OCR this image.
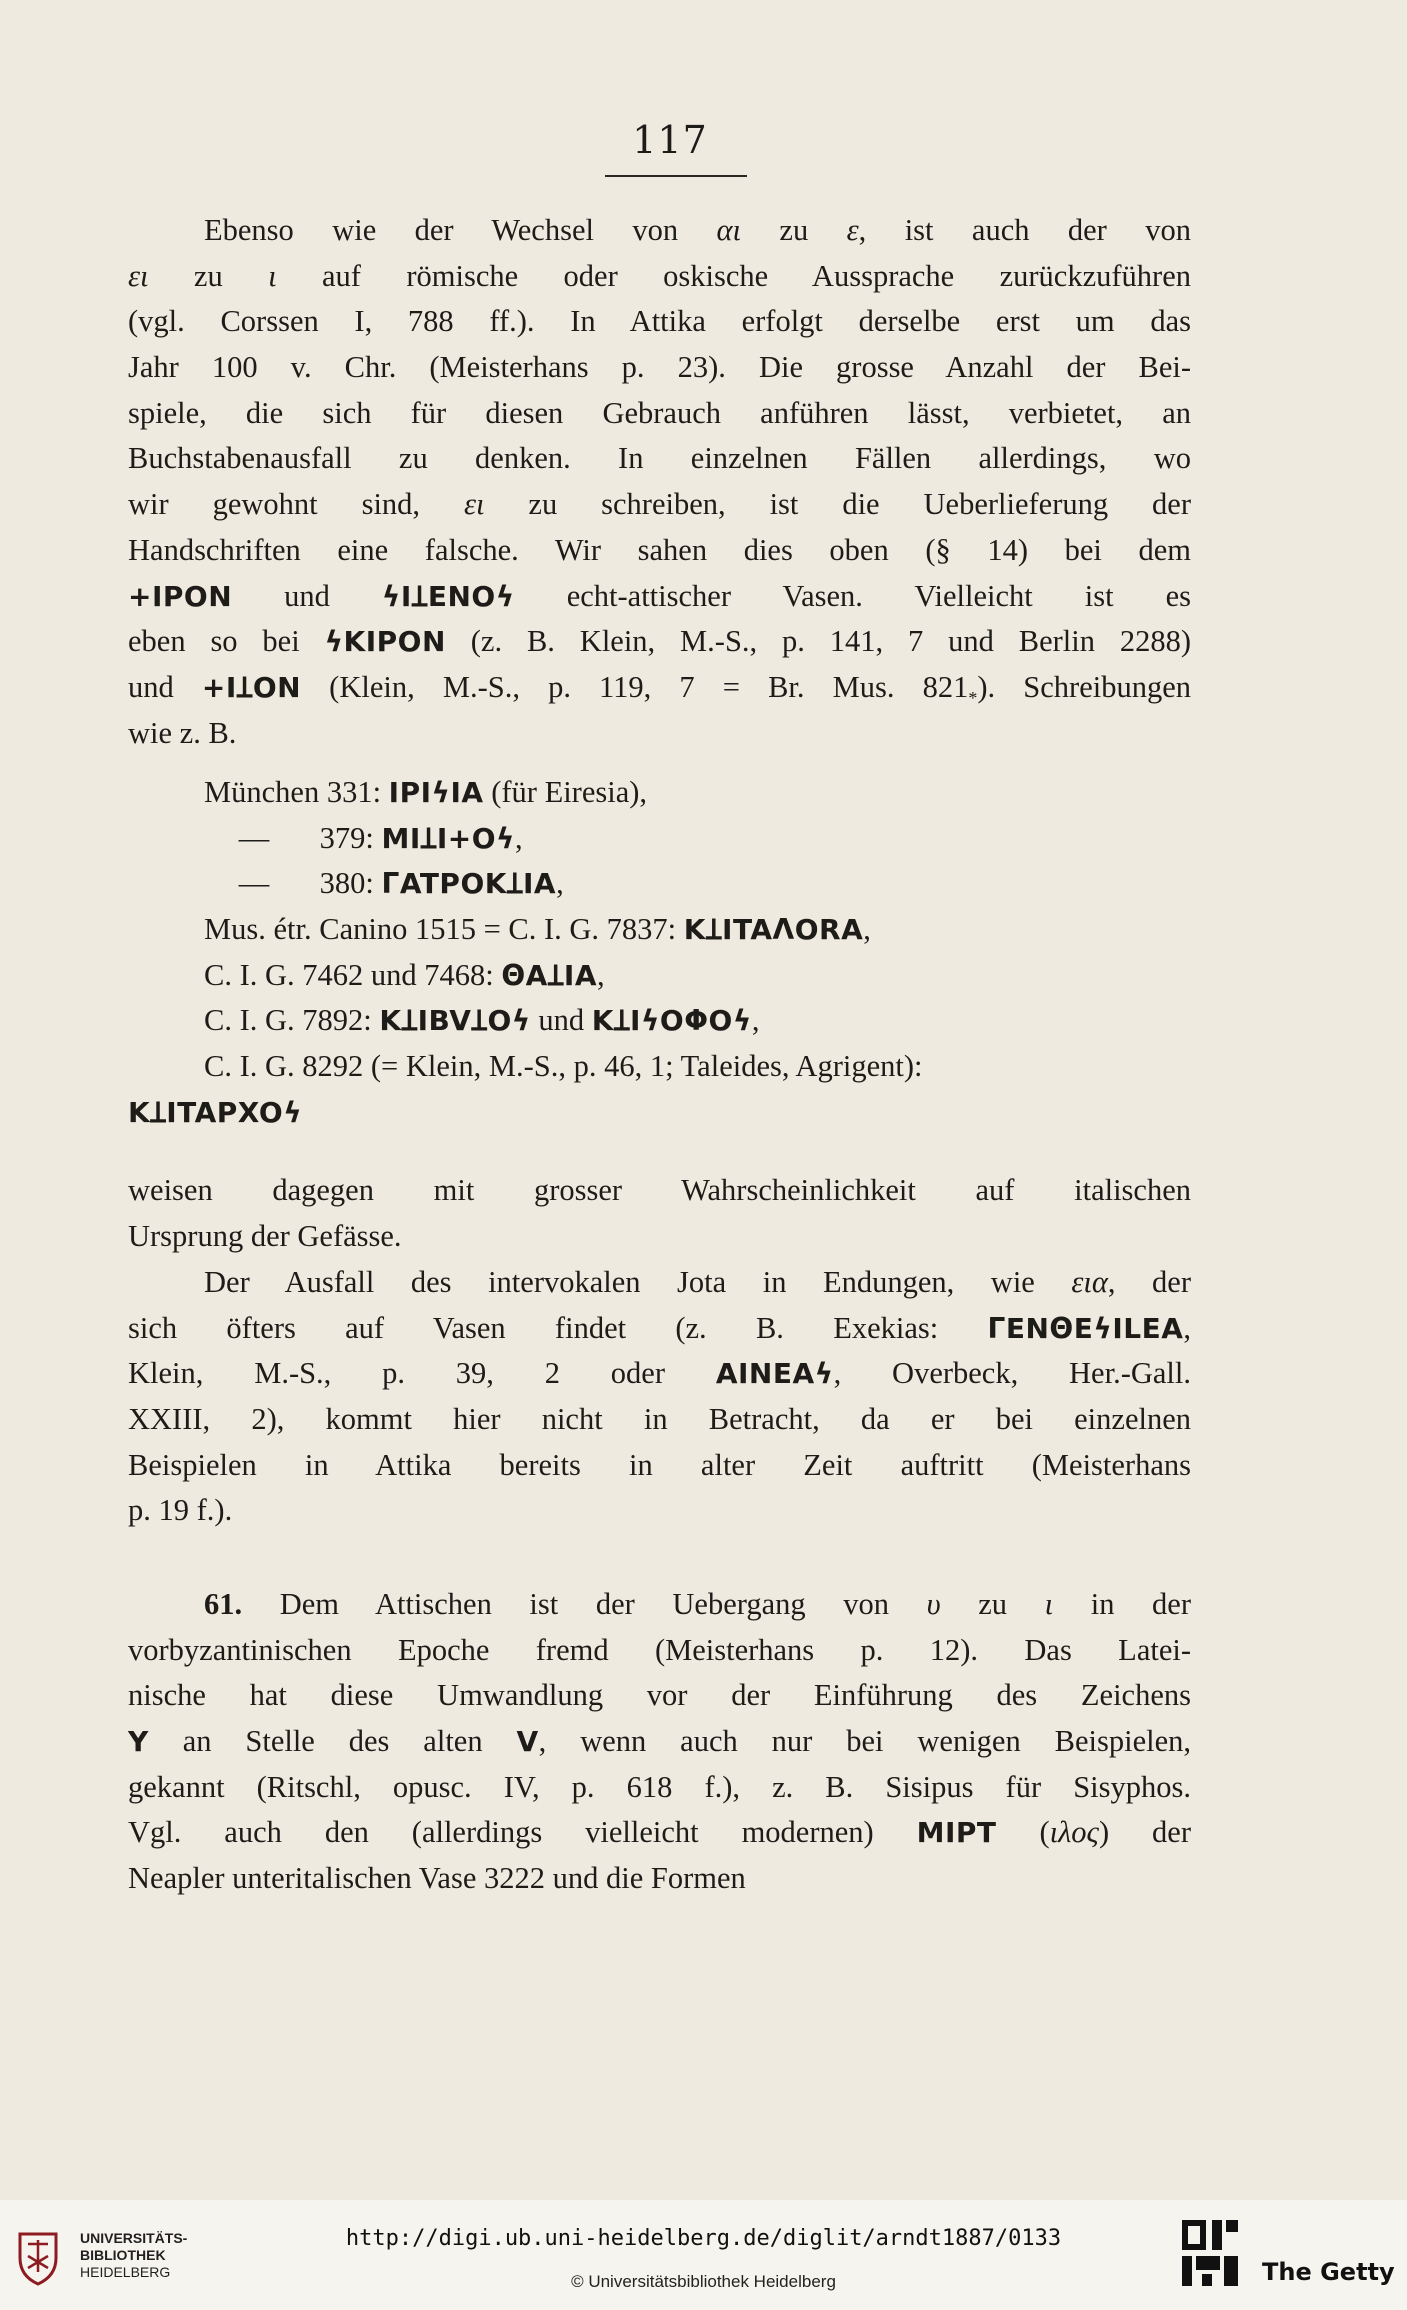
117
Ebenso wie der Wechsel von αι zu ε, ist auch der von
ει zu ι auf römische oder oskische Aussprache zurückzuführen
(vgl. Corssen I, 788 ff.). In Attika erfolgt derselbe erst um das
Jahr 100 v. Chr. (Meisterhans p. 23). Die grosse Anzahl der Bei-
spiele, die sich für diesen Gebrauch anführen lässt, verbietet, an
Buchstabenausfall zu denken. In einzelnen Fällen allerdings, wo
wir gewohnt sind, ει zu schreiben, ist die Ueberlieferung der
Handschriften eine falsche. Wir sahen dies oben (§ 14) bei dem
+IPON und ϟIꞱENOϟ echt-attischer Vasen. Vielleicht ist es
eben so bei ϟKIPON (z. B. Klein, M.-S., p. 141, 7 und Berlin 2288)
und +IꞱON (Klein, M.-S., p. 119, 7 = Br. Mus. $821_*$). Schreibungen
wie z. B.
München 331: IPIϟIA (für Eiresia),
— 379: MIꞱI+Oϟ,
— 380: ΓATPOKꞱIA,
Mus. étr. Canino 1515 = C. I. G. 7837: KꞱITAΛORA,
C. I. G. 7462 und 7468: ΘAꞱIA,
C. I. G. 7892: KꞱIBVꞱOϟ und KꞱIϟOΦOϟ,
C. I. G. 8292 (= Klein, M.-S., p. 46, 1; Taleides, Agrigent):
KꞱITAPXOϟ
weisen dagegen mit grosser Wahrscheinlichkeit auf italischen
Ursprung der Gefässe.
Der Ausfall des intervokalen Jota in Endungen, wie εια, der
sich öfters auf Vasen findet (z. B. Exekias: ΓENΘEϟILEA,
Klein, M.-S., p. 39, 2 oder AINEAϟ, Overbeck, Her.-Gall.
XXIII, 2), kommt hier nicht in Betracht, da er bei einzelnen
Beispielen in Attika bereits in alter Zeit auftritt (Meisterhans
p. 19 f.).
61. Dem Attischen ist der Uebergang von υ zu ι in der
vorbyzantinischen Epoche fremd (Meisterhans p. 12). Das Latei-
nische hat diese Umwandlung vor der Einführung des Zeichens
Y an Stelle des alten V, wenn auch nur bei wenigen Beispielen,
gekannt (Ritschl, opusc. IV, p. 618 f.), z. B. Sisipus für Sisyphos.
Vgl. auch den (allerdings vielleicht modernen) MIPT (ιλος) der
Neapler unteritalischen Vase 3222 und die Formen
UNIVERSITÄTS-
BIBLIOTHEK
HEIDELBERG
http://digi.ub.uni-heidelberg.de/diglit/arndt1887/0133
© Universitätsbibliothek Heidelberg	The Getty
